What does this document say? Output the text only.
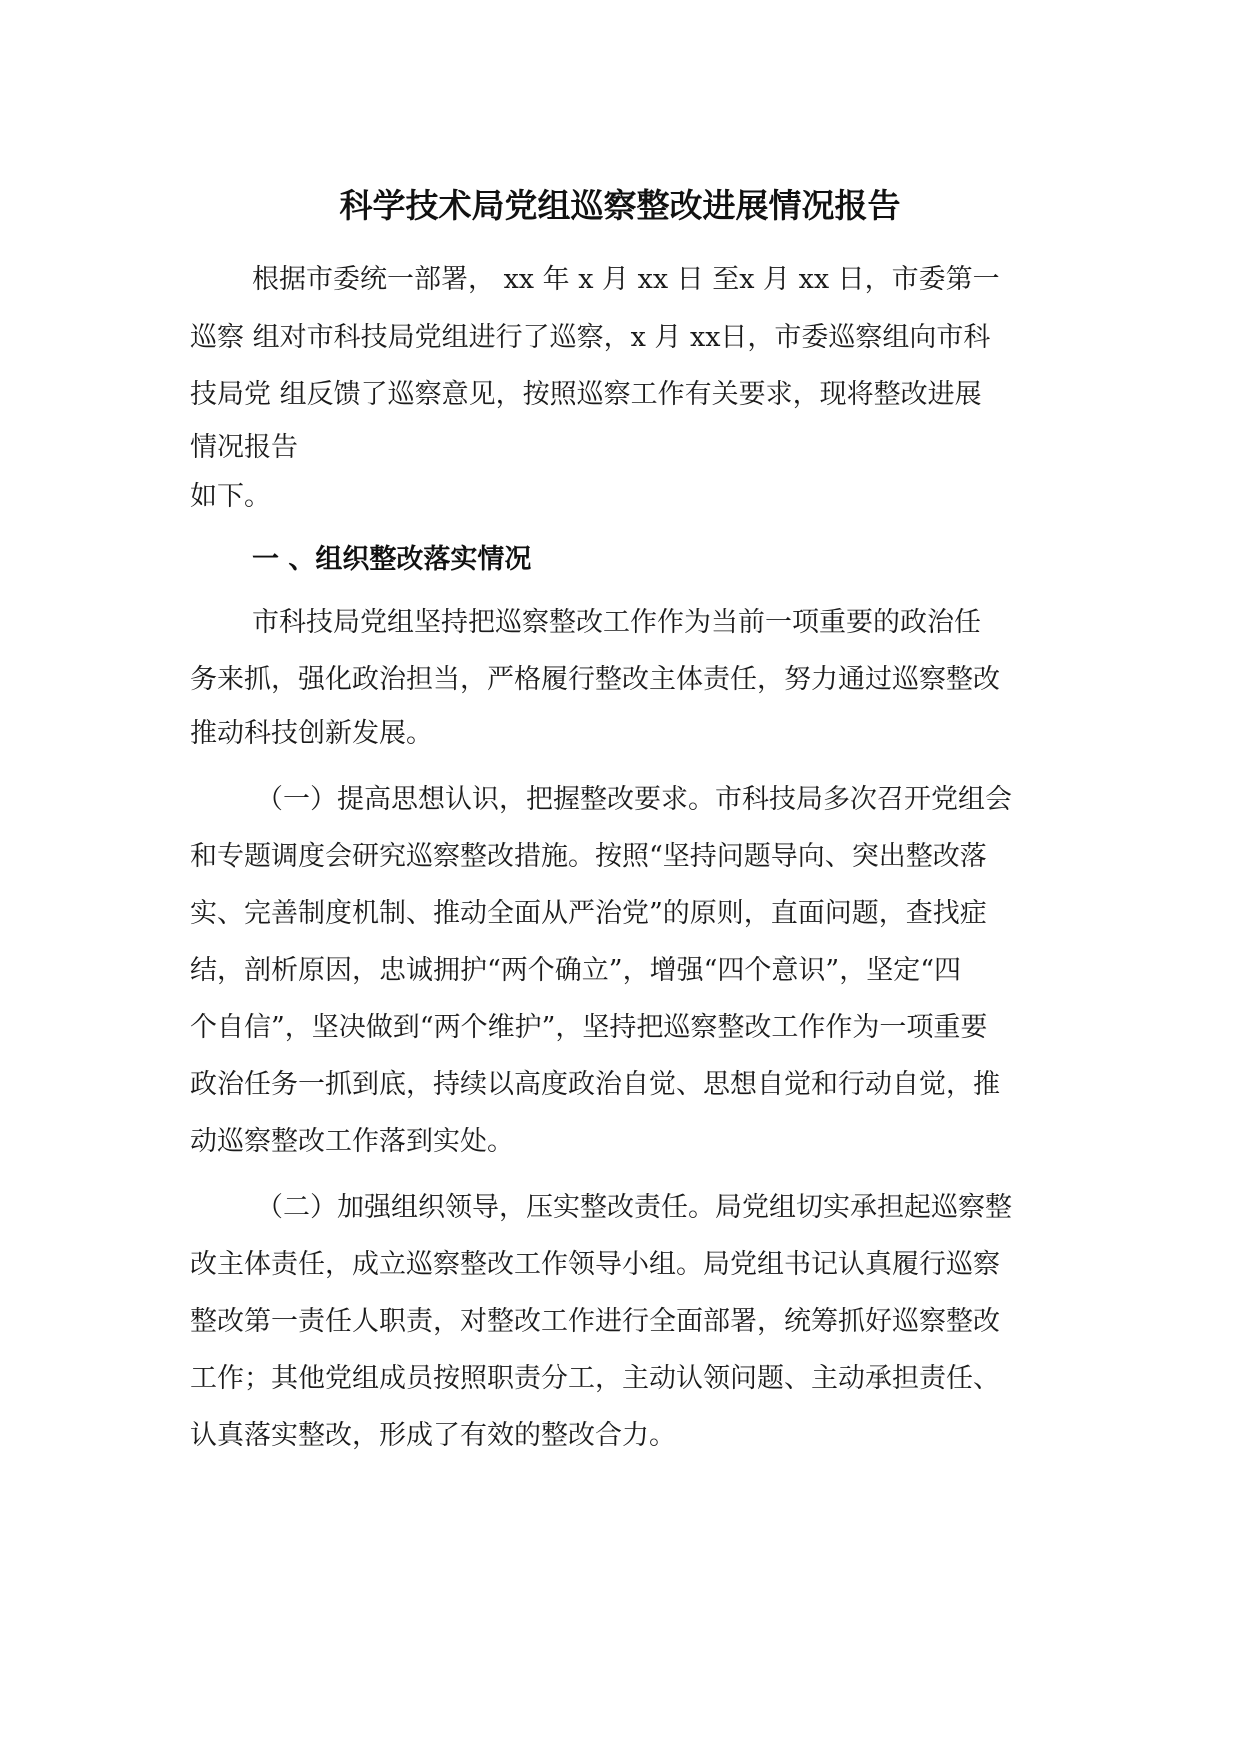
科学技术局党组巡察整改进展情况报告
根据市委统一部署， xx 年 x 月 xx 日 至x 月 xx 日，市委第一
巡察 组对市科技局党组进行了巡察，x 月 xx日，市委巡察组向市科
技局党 组反馈了巡察意见，按照巡察工作有关要求，现将整改进展
情况报告
如下。
一 、组织整改落实情况
市科技局党组坚持把巡察整改工作作为当前一项重要的政治任
务来抓，强化政治担当，严格履行整改主体责任，努力通过巡察整改
推动科技创新发展。
（一）提高思想认识，把握整改要求。市科技局多次召开党组会
和专题调度会研究巡察整改措施。按照“坚持问题导向、突出整改落
实、完善制度机制、推动全面从严治党”的原则，直面问题，查找症
结，剖析原因，忠诚拥护“两个确立”，增强“四个意识”，坚定“四
个自信”，坚决做到“两个维护”，坚持把巡察整改工作作为一项重要
政治任务一抓到底，持续以高度政治自觉、思想自觉和行动自觉，推
动巡察整改工作落到实处。
（二）加强组织领导，压实整改责任。局党组切实承担起巡察整
改主体责任，成立巡察整改工作领导小组。局党组书记认真履行巡察
整改第一责任人职责，对整改工作进行全面部署，统筹抓好巡察整改
工作；其他党组成员按照职责分工，主动认领问题、主动承担责任、
认真落实整改，形成了有效的整改合力。
